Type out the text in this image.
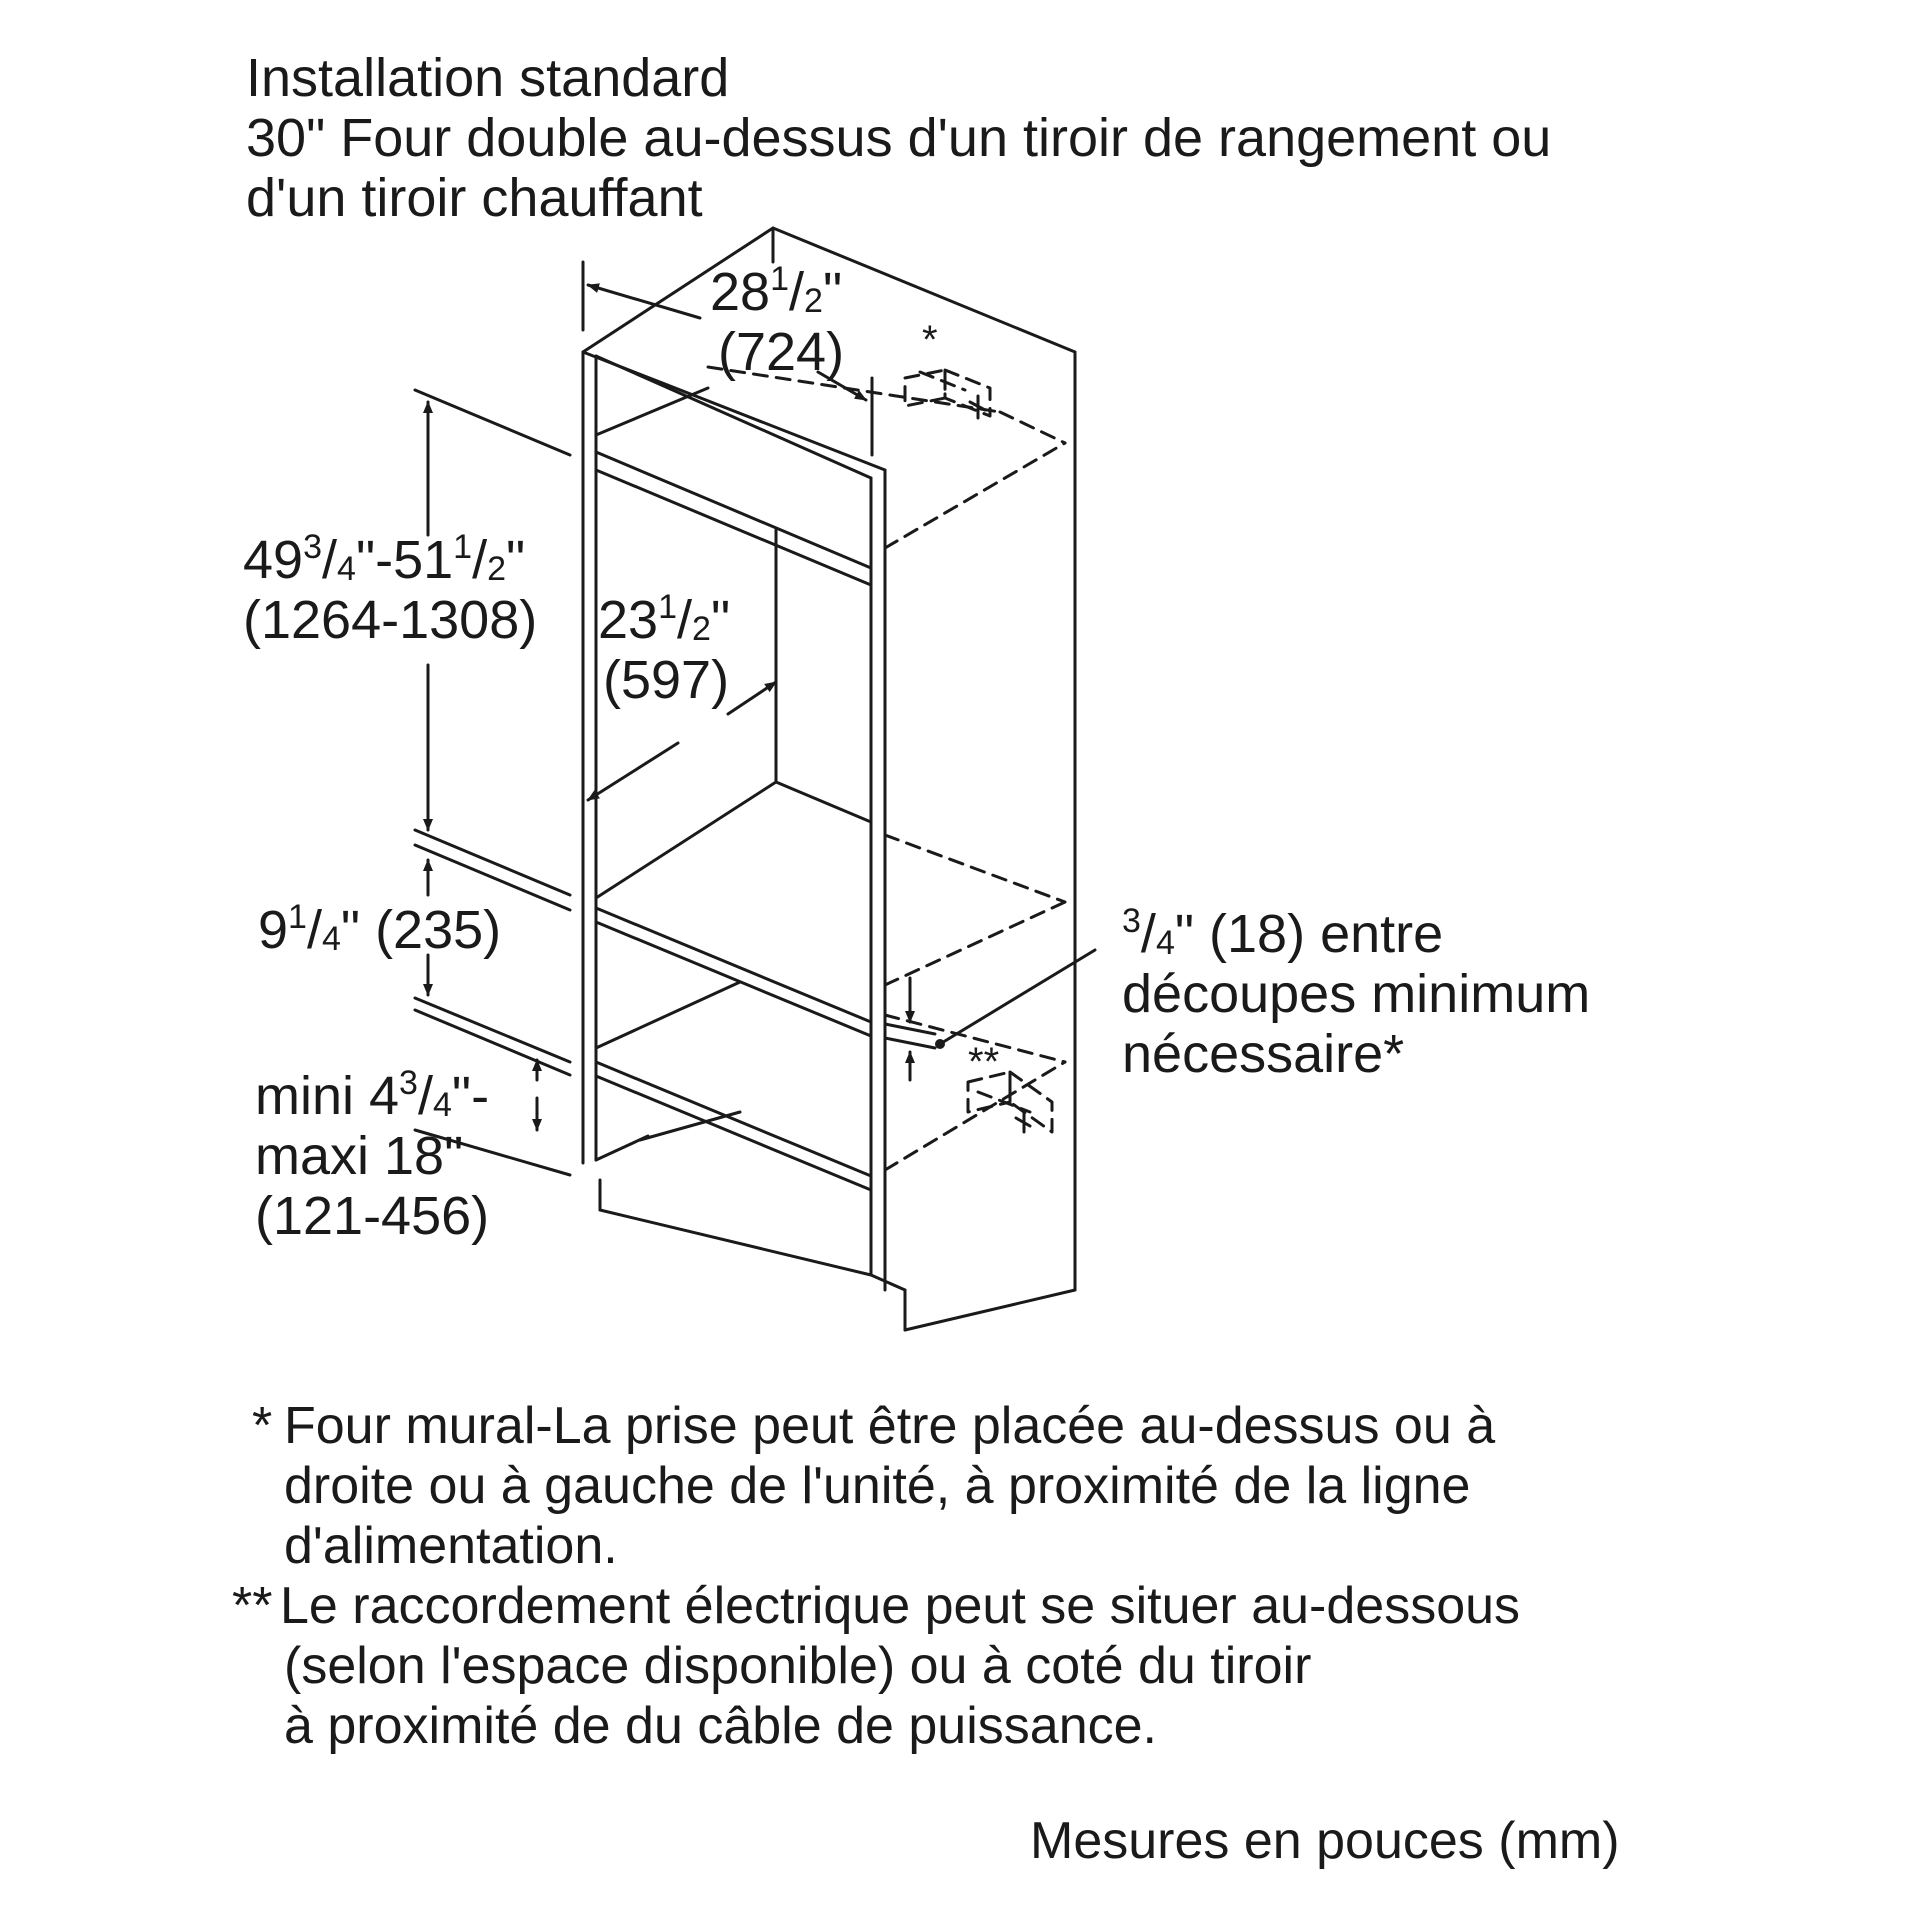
Installation standard
30" Four double au-dessus d'un tiroir de rangement ou
d'un tiroir chauffant
$28^1/_2$"
(724)
$49^3/_4"-51^1/_2$"
(1264-1308) $23^1/_2$"
(597)
$9^1/_4$" (235)
mini $4^3/_4"-$
maxi 18"
(121-456)
$^3/_4$" (18) entre
découpes minimum
nécessaire*
*
**
* Four mural-La prise peut être placée au-dessus ou à
droite ou à gauche de l'unité, à proximité de la ligne
d'alimentation.
** Le raccordement électrique peut se situer au-dessous
(selon l'espace disponible) ou à coté du tiroir
à proximité de du câble de puissance.
Mesures en pouces (mm)
